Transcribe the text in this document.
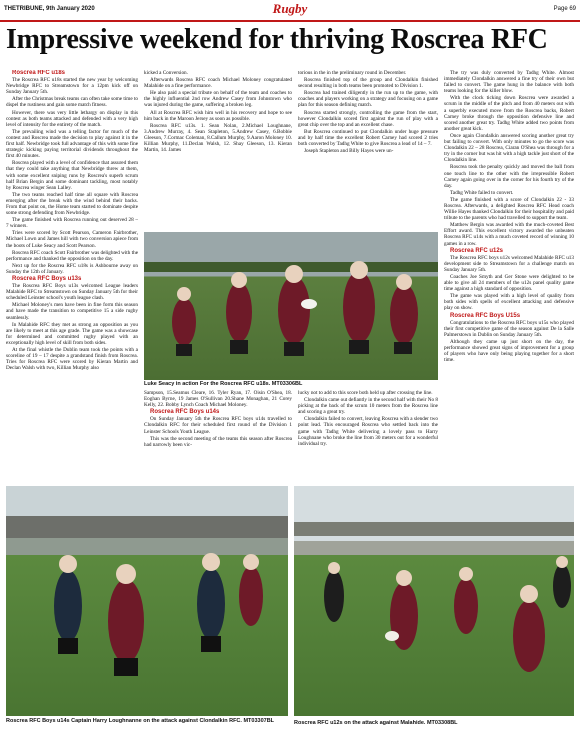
THETRIBUNE, 9th January 2020	Rugby	Page 69
Impressive weekend for thriving Roscrea RFC

Roscrea RFC u18s

The Roscrea RFC u18s started the new year by welcoming Newbridge RFC to Streamstown for a 12pm kick off on Sunday January 5th.

After the Christmas break teams can often take some time to dispel the rustiness and gain some match fitness.

However, there was very little lethargy on display in this contest as both teams attacked and defended with a very high level of intensity for the entirety of the match.

The prevailing wind was a telling factor for much of the contest and Roscrea made the decision to play against it in the first half. Newbridge took full advantage of this with some fine strategic kicking paying territorial dividends throughout the first 40 minutes.

Roscrea played with a level of confidence that assured them that they could take anything that Newbridge threw at them, with some excellent sniping runs by Roscrea's superb scrum half Brian Bergin and some dominant tackling, most notably by Roscrea winger Sean Lalley.

The two teams reached half time all square with Roscrea emerging after the break with the wind behind their backs. From that point on, the Home team started to dominate despite some strong defending from Newbridge.

The game finished with Roscrea running out deserved 28 – 7 winners.

Tries were scored by Scott Pearson, Cameron Fairbrother, Michael Lown and James hill with two conversion apiece from the boots of Luke Seacy and Scott Pearson.

Roscrea RFC coach Scott Fairbrother was delighted with the performance and thanked the opposition on the day.

Next up for the Roscrea RFC u18s is Ashbourne away on Sunday the 12th of January.

Roscrea RFC Boys u13s

The Roscrea RFC Boys u13s welcomed League leaders Malahide RFC to Streamstown on Sunday January 5th for their scheduled Leinster school's youth league clash.

Michael Moloney's men have been in fine form this season and have made the transition to competitive 15 a side rugby seamlessly.

In Malahide RFC they met as strong an opposition as you are likely to meet at this age grade. The game was a showcase for determined and committed rugby played with an exceptionally high level of skill from both sides.

At the final whistle the Dublin team took the points with a scoreline of 19 – 17 despite a grandstand finish from Roscrea. Tries for Roscrea RFC were scored by Kieran Martin and Declan Walsh with two, Killian Murphy also

kicked a Conversion.

Afterwards Roscrea RFC coach Michael Moloney congratulated Malahide on a fine performance.

He also paid a special tribute on behalf of the team and coaches to the highly influential 2nd row Andrew Casey from Johnstown who was injured during the game, suffering a broken leg.

All at Roscrea RFC wish him well in his recovery and hope to see him back in the Maroon Jersey as soon as possible.

Roscrea RFC u13s. 1. Sean Nolan, 2.Michael Loughnane, 3.Andrew Murray, 4. Sean Stapleton, 5.Andrew Casey, 6.Bobbie Gleeson, 7.Cormac Coleman, 8.Callum Murphy, 9.Aaron Moloney 10. Killian Murphy, 11.Declan Walsh, 12. Shay Gleeson, 13. Kieran Martin, 14. James

torious in the in the preliminary round in December.

Roscrea finished top of the group and Clondalkin finished second resulting in both teams been promoted to Division 1.

Roscrea had trained diligently in the run up to the game, with coaches and players working on a strategy and focusing on a game plan for this season defining match.

Roscrea started strongly, controlling the game from the start, however Clondalkin scored first against the run of play with a great chip over the top and an excellent chase.

But Roscrea continued to put Clondalkin under huge pressure and by half time the excellent Robert Carney had scored 2 tries both converted by Tadhg White to give Roscrea a lead of 14 – 7.

Joseph Stapleton and Billy Hayes were un-

Luke Seacy in action For the Roscrea RFC u18s. MT03306BL

Sampson, 15.Seamus Cleare, 16. Tyler Ryan, 17. Oisin O'Shea, 18. Eoghan Byrne, 19 James O'Sullivan 20.Shane Monaghan, 21 Corey Kelly, 22. Bobby Lynch Coach Michael Moloney.

Roscrea RFC Boys u14s

On Sunday January 5th the Roscrea RFC boys u14s travelled to Clondalkin RFC for their scheduled first round of the Division 1 Leinster Schools Youth League.

This was the second meeting of the teams this season after Roscrea had narrowly been vic-

lucky not to add to this score both held up after crossing the line.

Clondalkin came out defiantly in the second half with their No 8 picking at the back of the scrum 10 meters from the Roscrea line and scoring a great try.

Clondalkin failed to convert, leaving Roscrea with a slender two point lead. This encouraged Roscrea who settled back into the game with Tadhg White delivering a lovely pass to Harry Loughnane who broke the line from 30 meters out for a wonderful individual try.

The try was duly converted by Tadhg White. Almost immediately Clondalkin answered a fine try of their own but failed to convert. The game hung in the balance with both teams looking for the killer blow.

With the clock ticking down Roscrea were awarded a scrum in the middle of the pitch and from 40 meters out with a superbly executed move from the Roscrea backs, Robert Carney broke through the opposition defensive line and scored another great try. Tadhg White added two points from another great kick.

Once again Clondalkin answered scoring another great try but failing to convert. With only minutes to go the score was Clondalkin 22 – 28 Roscrea, Ciaran O'Shea was through for a try in the corner but was hit with a high tackle just short of the Clondalkin line.

Roscrea took the penalty quickly and moved the ball from one touch line to the other with the irrepressible Robert Carney again going over in the corner for his fourth try of the day.

Tadhg White failed to convert.

The game finished with a score of Clondalkin 22 - 33 Roscrea. Afterwards, a delighted Roscrea RFC Head coach Willie Hayes thanked Clondalkin for their hospitality and paid tribute to the parents who had travelled to support the team.

Matthew Bergin was awarded with the much-coveted Best Effort award. This excellent victory awarded the unbeaten Roscrea RFC u14s with a much coveted record of winning 10 games in a row.

Roscrea RFC u12s

The Roscrea RFC boys u12s welcomed Malahide RFC u13 development side to Streamstown for a challenge match on Sunday January 5th.

Coaches Joe Smyth and Ger Stone were delighted to be able to give all 24 members of the u12s panel quality game time against a high standard of opposition.

The game was played with a high level of quality from both sides with spells of excellent attacking and defensive play on show.

Roscrea RFC Boys U15s

Congratulations to the Roscrea RFC boys u15s who played their first competitive game of the season against De la Salle Palmerstown in Dublin on Sunday January 5th.

Although they came up just short on the day, the performance showed great signs of improvement for a group of players who have only being playing together for a short time.

Roscrea RFC Boys u14s Captain Harry Loughnanne on the attack against Clondalkin RFC. MT03307BL	Roscrea RFC u12s on the attack against Malahide. MT03308BL
